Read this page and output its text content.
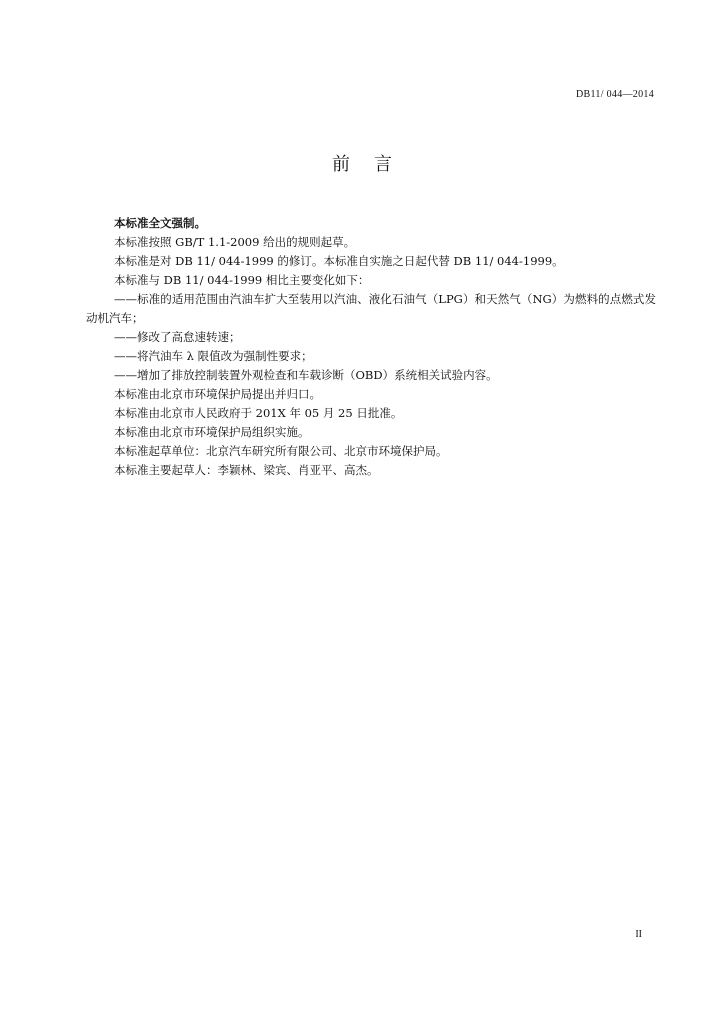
DB11/ 044—2014
前言

本标准全文强制。

本标准按照 GB/T 1.1-2009 给出的规则起草。

本标准是对 DB 11/ 044-1999 的修订。本标准自实施之日起代替 DB 11/ 044-1999。

本标准与 DB 11/ 044-1999 相比主要变化如下：

——标准的适用范围由汽油车扩大至装用以汽油、液化石油气（LPG）和天然气（NG）为燃料的点燃式发动机汽车；

——修改了高怠速转速；

——将汽油车 λ 限值改为强制性要求；

——增加了排放控制装置外观检查和车载诊断（OBD）系统相关试验内容。

本标准由北京市环境保护局提出并归口。

本标准由北京市人民政府于 201X 年 05 月 25 日批准。

本标准由北京市环境保护局组织实施。

本标准起草单位：北京汽车研究所有限公司、北京市环境保护局。

本标准主要起草人：李颖林、梁宾、肖亚平、高杰。

II
